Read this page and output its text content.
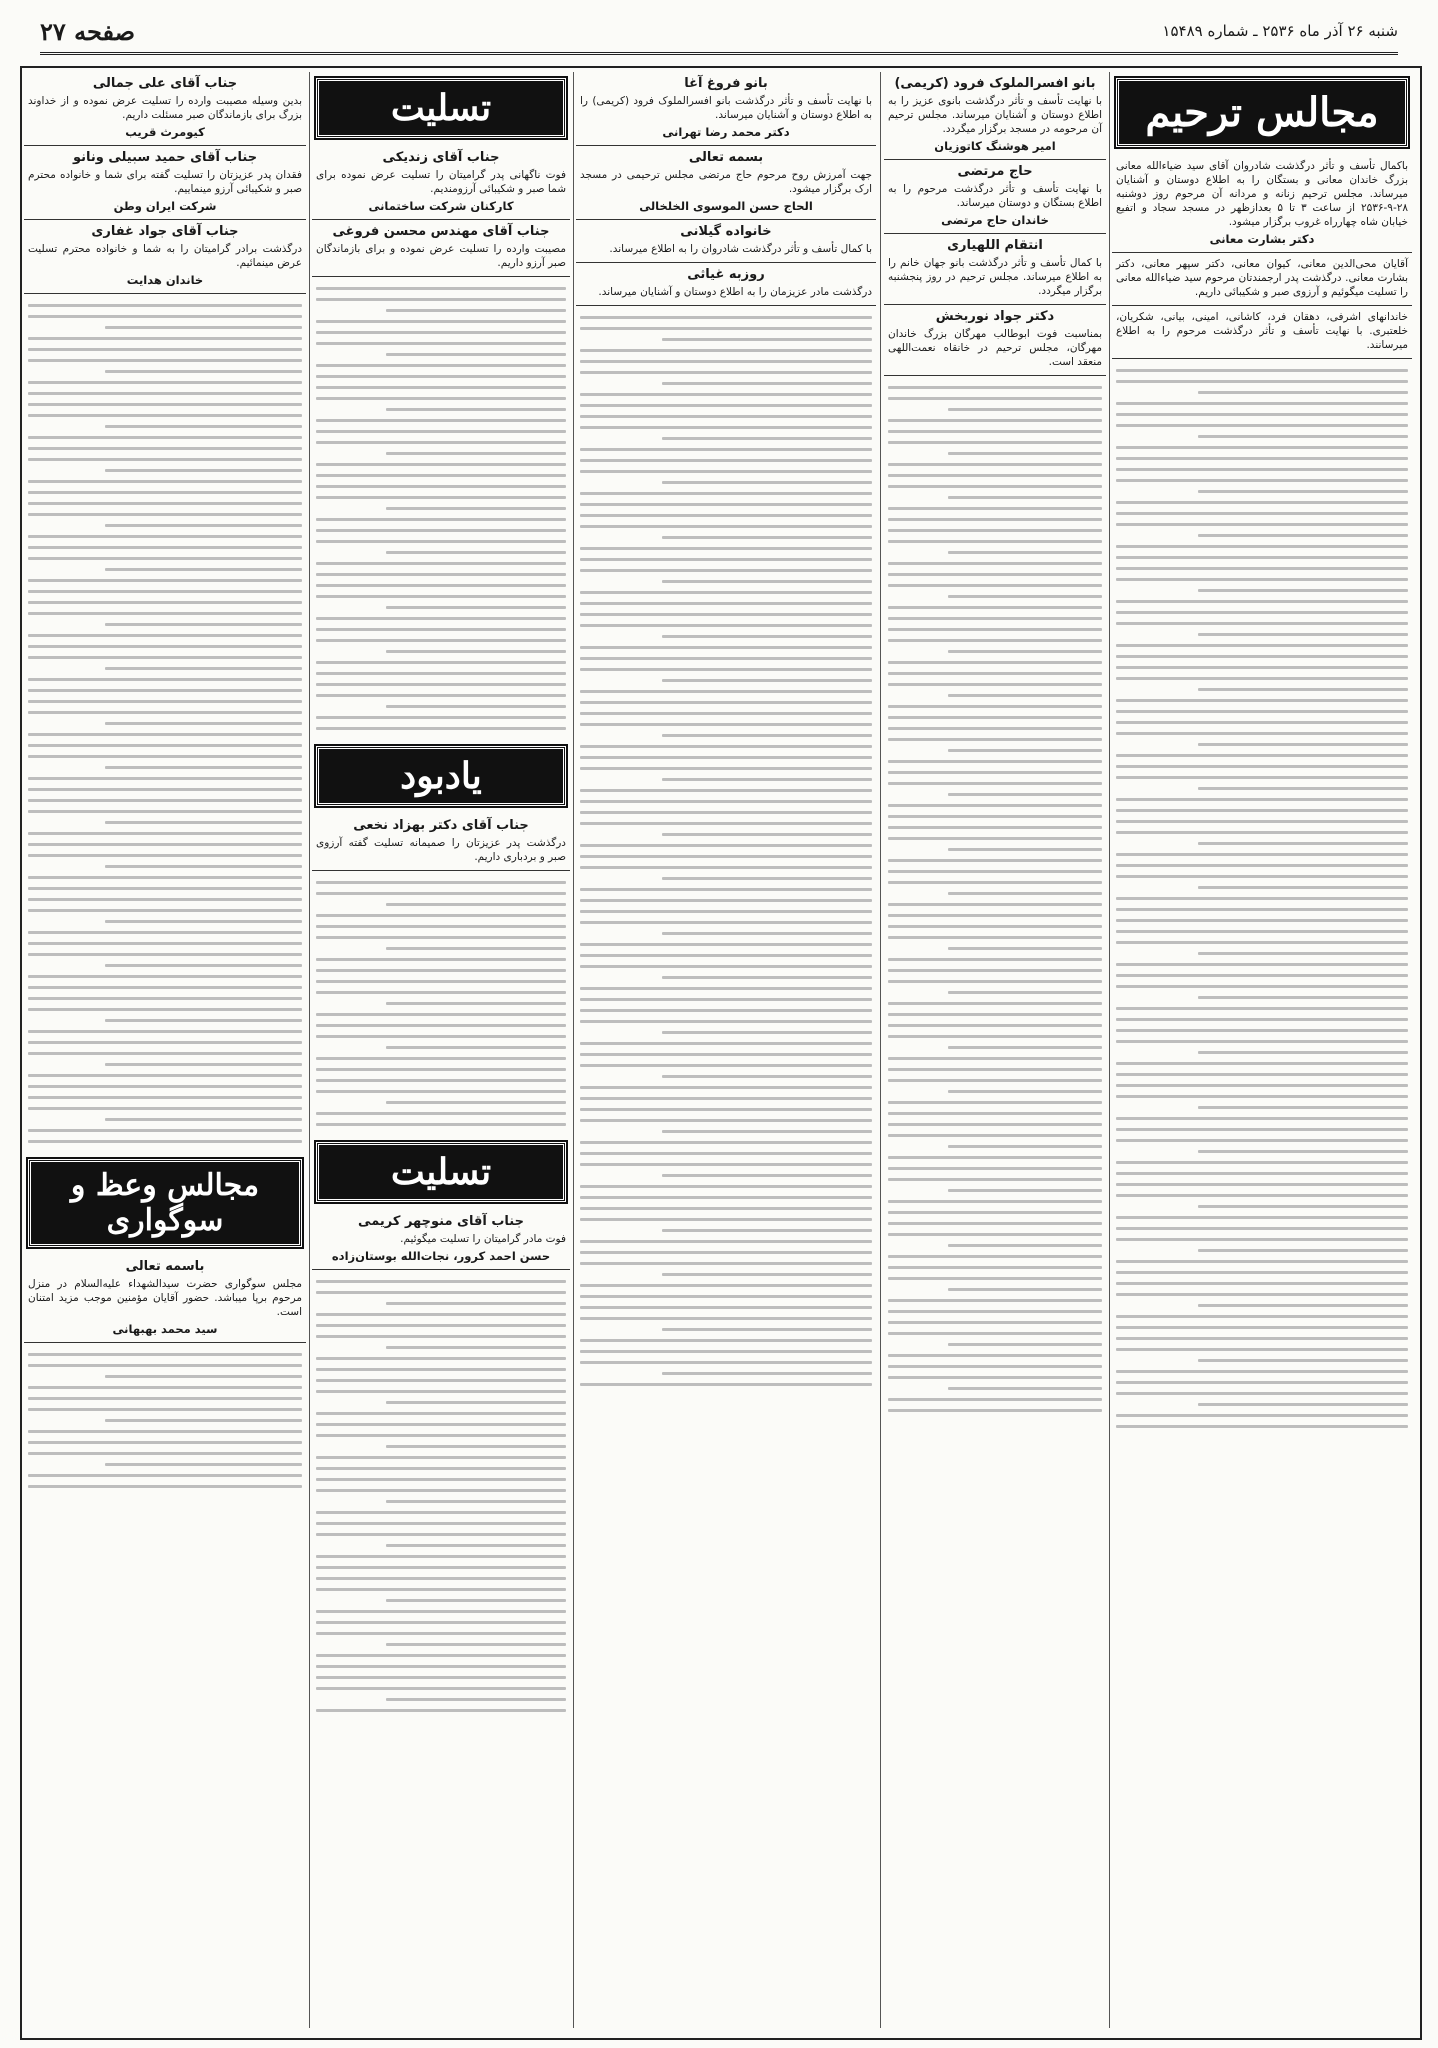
شنبه ۲۶ آذر ماه ۲۵۳۶ ـ شماره ۱۵۴۸۹
صفحه ۲۷
مجالس ترحیم
باکمال تأسف و تأثر درگذشت شادروان آقای سید ضیاءالله معانی بزرگ خاندان معانی و بستگان را به اطلاع دوستان و آشنایان میرساند. مجلس ترحیم زنانه و مردانه آن مرحوم روز دوشنبه ۲۸-۹-۲۵۳۶ از ساعت ۳ تا ۵ بعدازظهر در مسجد سجاد و اتفیع خیابان شاه چهارراه غروب برگزار میشود.
دکتر بشارت معانی
آقایان محی‌الدین معانی، کیوان معانی، دکتر سپهر معانی، دکتر بشارت معانی. درگذشت پدر ارجمندتان مرحوم سید ضیاءالله معانی را تسلیت میگوئیم و آرزوی صبر و شکیبائی داریم.
خاندانهای اشرفی، دهقان فرد، کاشانی، امینی، بیانی، شکریان، خلعتبری. با نهایت تأسف و تأثر درگذشت مرحوم را به اطلاع میرسانند.
بانو افسرالملوک فرود (کریمی)
با نهایت تأسف و تأثر درگذشت بانوی عزیز را به اطلاع دوستان و آشنایان میرساند. مجلس ترحیم آن مرحومه در مسجد برگزار میگردد.
امیر هوشنگ کاتوزیان
حاج مرتضی
با نهایت تأسف و تأثر درگذشت مرحوم را به اطلاع بستگان و دوستان میرساند.
خاندان حاج مرتضی
انتقام اللهیاری
با کمال تأسف و تأثر درگذشت بانو جهان خانم را به اطلاع میرساند. مجلس ترحیم در روز پنجشنبه برگزار میگردد.
دکتر جواد نوربخش
بمناسبت فوت ابوطالب مهرگان بزرگ خاندان مهرگان، مجلس ترحیم در خانقاه نعمت‌اللهی منعقد است.
بانو فروغ آغا
با نهایت تأسف و تأثر درگذشت بانو افسرالملوک فرود (کریمی) را به اطلاع دوستان و آشنایان میرساند.
دکتر محمد رضا تهرانی
بسمه تعالی
جهت آمرزش روح مرحوم حاج مرتضی مجلس ترحیمی در مسجد ارک برگزار میشود.
الحاج حسن الموسوی الخلخالی
خانواده گیلانی
با کمال تأسف و تأثر درگذشت شادروان را به اطلاع میرساند.
روزبه غیاثی
درگذشت مادر عزیزمان را به اطلاع دوستان و آشنایان میرساند.
تسلیت
جناب آقای زندیکی
فوت ناگهانی پدر گرامیتان را تسلیت عرض نموده برای شما صبر و شکیبائی آرزومندیم.
کارکنان شرکت ساختمانی
جناب آقای مهندس محسن فروغی
مصیبت وارده را تسلیت عرض نموده و برای بازماندگان صبر آرزو داریم.
یادبود
جناب آقای دکتر بهزاد نخعی
درگذشت پدر عزیزتان را صمیمانه تسلیت گفته آرزوی صبر و بردباری داریم.
تسلیت
جناب آقای منوچهر کریمی
فوت مادر گرامیتان را تسلیت میگوئیم.
حسن احمد کرور، نجات‌الله بوستان‌زاده
جناب آقای علی جمالی
بدین وسیله مصیبت وارده را تسلیت عرض نموده و از خداوند بزرگ برای بازماندگان صبر مسئلت داریم.
کیومرث قریب
جناب آقای حمید سبیلی ونانو
فقدان پدر عزیزتان را تسلیت گفته برای شما و خانواده محترم صبر و شکیبائی آرزو مینماییم.
شرکت ایران وطن
جناب آقای جواد غفاری
درگذشت برادر گرامیتان را به شما و خانواده محترم تسلیت عرض مینمائیم.
خاندان هدایت
مجالس وعظ و سوگواری
باسمه تعالی
مجلس سوگواری حضرت سیدالشهداء علیه‌السلام در منزل مرحوم برپا میباشد. حضور آقایان مؤمنین موجب مزید امتنان است.
سید محمد بهبهانی
